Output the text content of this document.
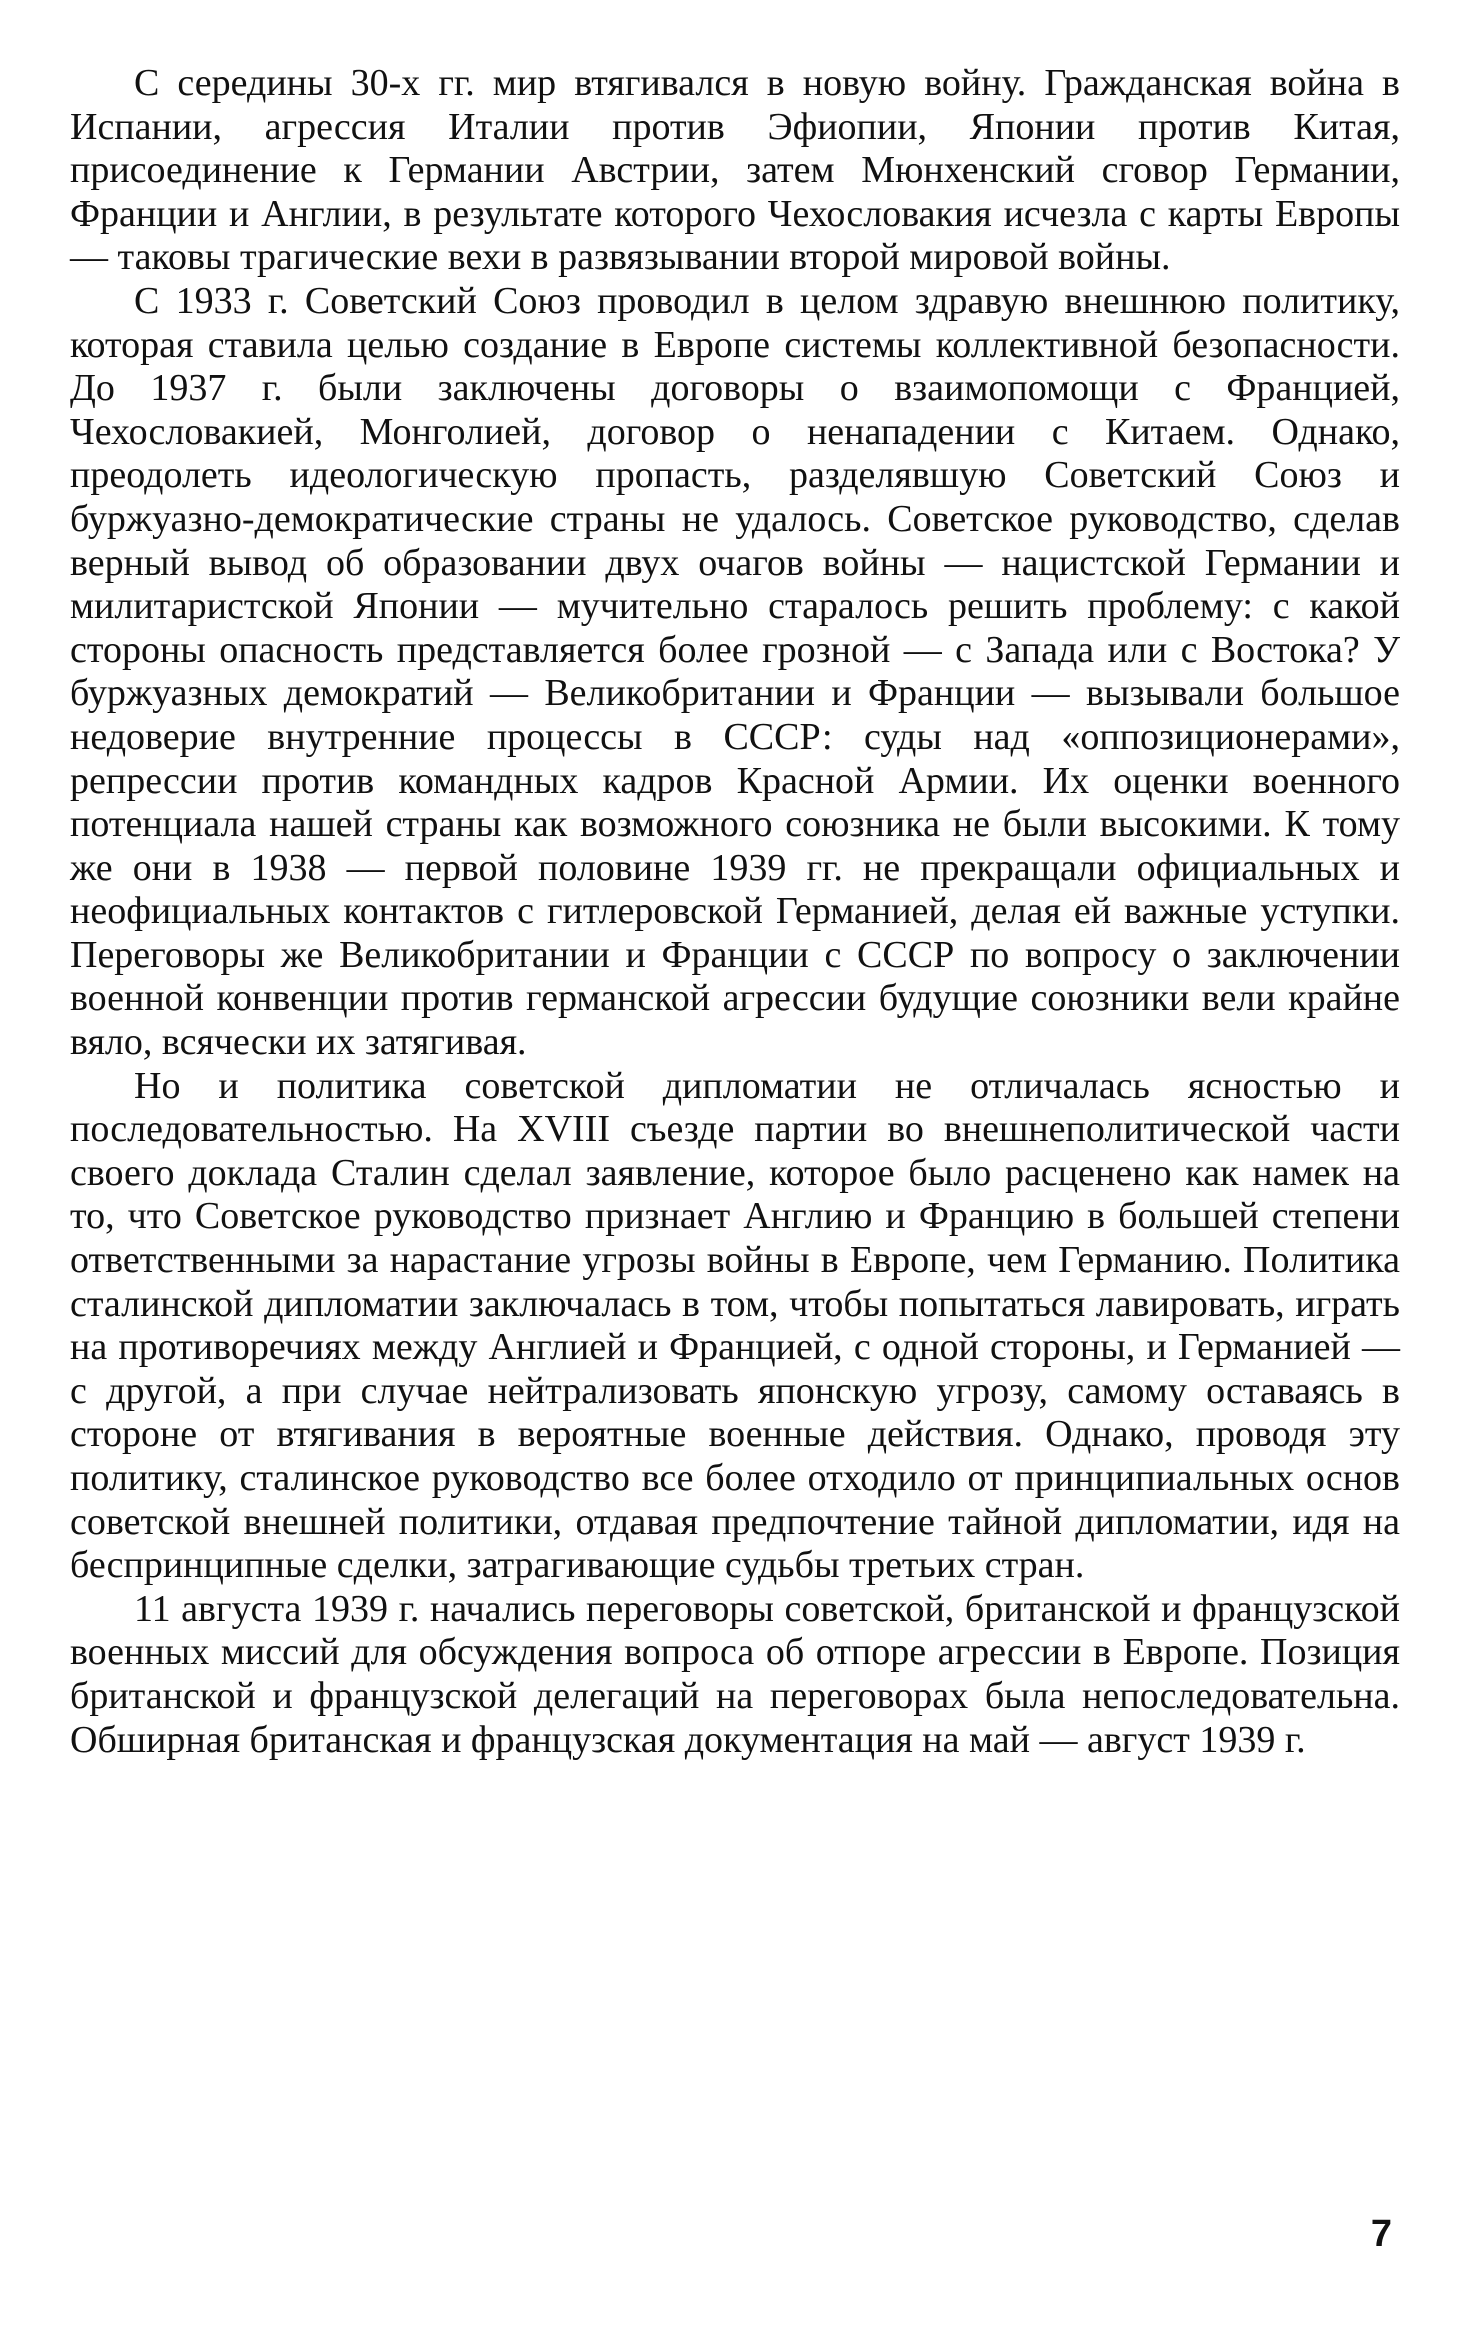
С середины 30-х гг. мир втягивался в новую войну. Гражданская война в Испании, агрессия Италии против Эфиопии, Японии против Китая, присоединение к Германии Австрии, затем Мюнхенский сговор Германии, Франции и Англии, в результате которого Чехословакия исчезла с карты Европы — таковы трагические вехи в развязывании второй мировой войны.

С 1933 г. Советский Союз проводил в целом здравую внешнюю политику, которая ставила целью создание в Европе системы коллективной безопасности. До 1937 г. были заключены договоры о взаимопомощи с Францией, Чехословакией, Монголией, договор о ненападении с Китаем. Однако, преодолеть идеологическую пропасть, разделявшую Советский Союз и буржуазно-демократические страны не удалось. Советское руководство, сделав верный вывод об образовании двух очагов войны — нацистской Германии и милитаристской Японии — мучительно старалось решить проблему: с какой стороны опасность представляется более грозной — с Запада или с Востока? У буржуазных демократий — Великобритании и Франции — вызывали большое недоверие внутренние процессы в СССР: суды над «оппозиционерами», репрессии против командных кадров Красной Армии. Их оценки военного потенциала нашей страны как возможного союзника не были высокими. К тому же они в 1938 — первой половине 1939 гг. не прекращали официальных и неофициальных контактов с гитлеровской Германией, делая ей важные уступки. Переговоры же Великобритании и Франции с СССР по вопросу о заключении военной конвенции против германской агрессии будущие союзники вели крайне вяло, всячески их затягивая.

Но и политика советской дипломатии не отличалась ясностью и последовательностью. На XVIII съезде партии во внешнеполитической части своего доклада Сталин сделал заявление, которое было расценено как намек на то, что Советское руководство признает Англию и Францию в большей степени ответственными за нарастание угрозы войны в Европе, чем Германию. Политика сталинской дипломатии заключалась в том, чтобы попытаться лавировать, играть на противоречиях между Англией и Францией, с одной стороны, и Германией — с другой, а при случае нейтрализовать японскую угрозу, самому оставаясь в стороне от втягивания в вероятные военные действия. Однако, проводя эту политику, сталинское руководство все более отходило от принципиальных основ советской внешней политики, отдавая предпочтение тайной дипломатии, идя на беспринципные сделки, затрагивающие судьбы третьих стран.

11 августа 1939 г. начались переговоры советской, британской и французской военных миссий для обсуждения вопроса об отпоре агрессии в Европе. Позиция британской и французской делегаций на переговорах была непоследовательна. Обширная британская и французская документация на май — август 1939 г.

7
